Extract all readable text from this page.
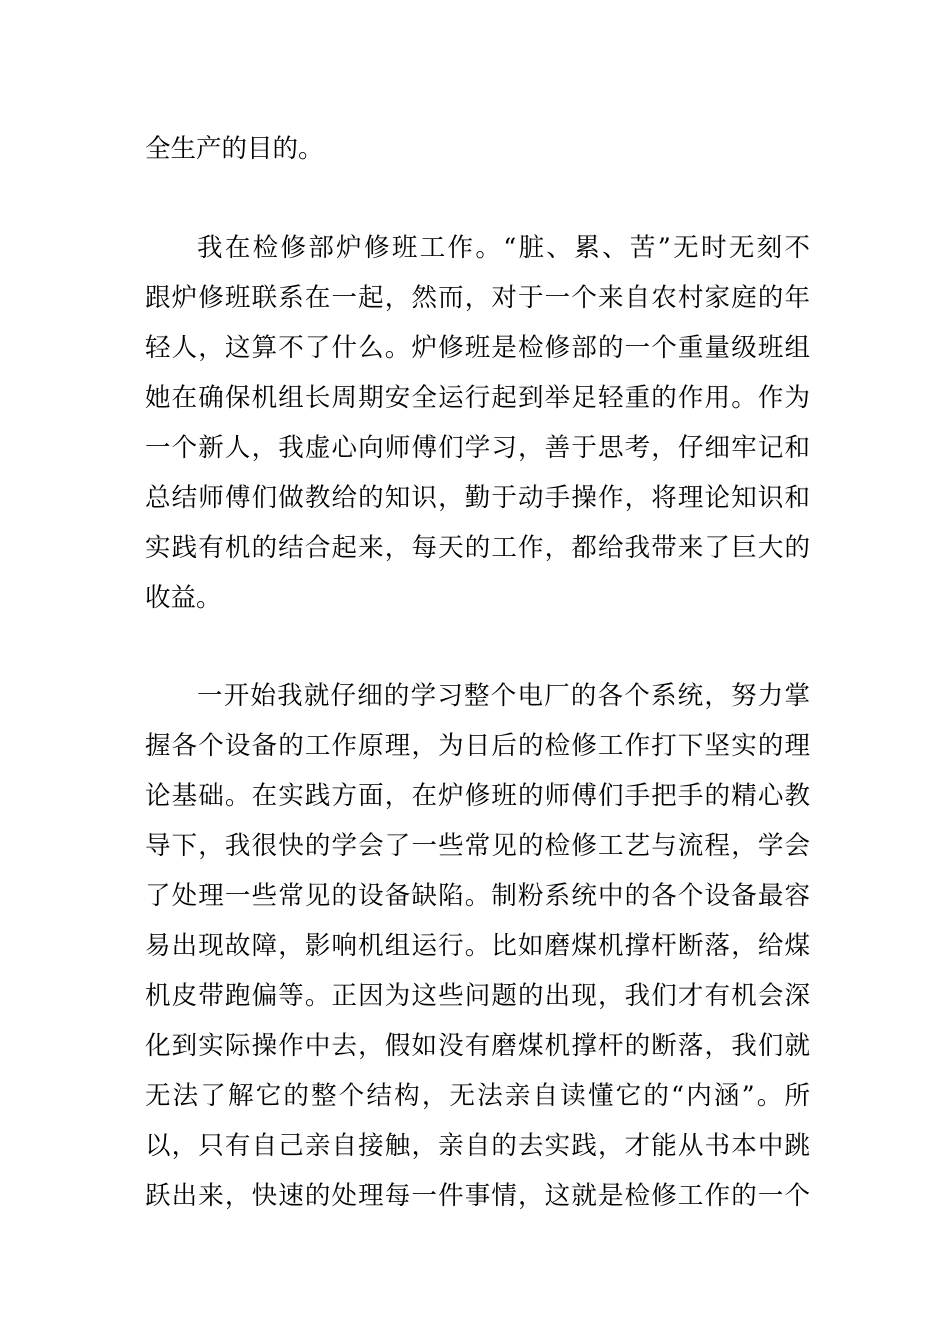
全生产的目的。
我在检修部炉修班工作。“脏、累、苦”无时无刻不
跟炉修班联系在一起，然而，对于一个来自农村家庭的年
轻人，这算不了什么。炉修班是检修部的一个重量级班组
她在确保机组长周期安全运行起到举足轻重的作用。作为
一个新人，我虚心向师傅们学习，善于思考，仔细牢记和
总结师傅们做教给的知识，勤于动手操作，将理论知识和
实践有机的结合起来，每天的工作，都给我带来了巨大的
收益。
一开始我就仔细的学习整个电厂的各个系统，努力掌
握各个设备的工作原理，为日后的检修工作打下坚实的理
论基础。在实践方面，在炉修班的师傅们手把手的精心教
导下，我很快的学会了一些常见的检修工艺与流程，学会
了处理一些常见的设备缺陷。制粉系统中的各个设备最容
易出现故障，影响机组运行。比如磨煤机撑杆断落，给煤
机皮带跑偏等。正因为这些问题的出现，我们才有机会深
化到实际操作中去，假如没有磨煤机撑杆的断落，我们就
无法了解它的整个结构，无法亲自读懂它的“内涵”。所
以，只有自己亲自接触，亲自的去实践，才能从书本中跳
跃出来，快速的处理每一件事情，这就是检修工作的一个
